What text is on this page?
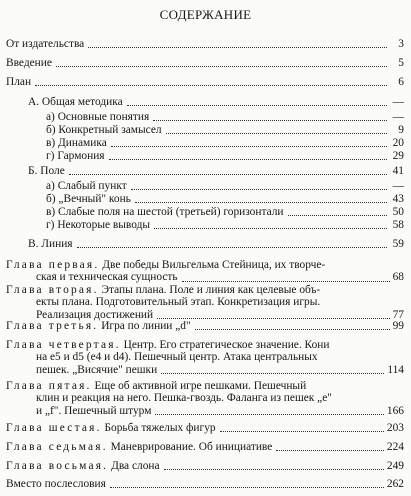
СОДЕРЖАНИЕ
От издательства	3
Введение	5
План	6
А. Общая методика	—
а) Основные понятия	—
б) Конкретный замысел	9
в) Динамика	20
г) Гармония	29
Б. Поле	41
а) Слабый пункт	—
б) „Вечный" конь	43
в) Слабые поля на шестой (третьей) горизонтали	50
г) Некоторые выводы	58
В. Линия	59
Глава первая. Две победы Вильгельма Стейница, их творче-
ская и техническая сущность	68
Глава вторая. Этапы плана. Поле и линия как целевые объ-
екты плана. Подготовительный этап. Конкретизация игры.
Реализация достижений	77
Глава третья.
Игра по линии „d"	99
Глава четвертая. Центр. Его стратегическое значение. Кони
на e5 и d5 (e4 и d4). Пешечный центр. Атака центральных
пешек. „Висячие" пешки	114
Глава пятая. Еще об активной игре пешками. Пешечный
клин и реакция на него. Пешка-гвоздь. Фаланга из пешек „e"
и „f". Пешечный штурм	166
Глава шестая.
Борьба тяжелых фигур	203
Глава седьмая.
Маневрирование. Об инициативе	224
Глава восьмая.
Два слона	249
Вместо послесловия	262
